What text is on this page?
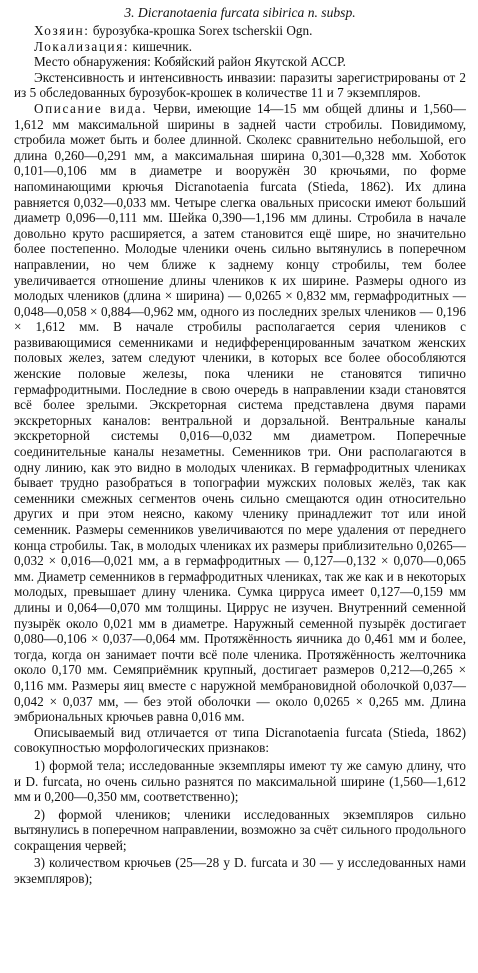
3. Dicranotaenia furcata sibirica n. subsp.

Хозяин: бурозубка-крошка Sorex tscherskii Ogn.

Локализация: кишечник.

Место обнаружения: Кобяйский район Якутской АССР.

Экстенсивность и интенсивность инвазии: паразиты зарегистрированы от 2 из 5 обследованных бурозубок-крошек в количестве 11 и 7 экземпляров.

Описание вида. Черви, имеющие 14—15 мм общей длины и 1,560—1,612 мм максимальной ширины в задней части стробилы. Повидимому, стробила может быть и более длинной. Сколекс сравнительно небольшой, его длина 0,260—0,291 мм, а максимальная ширина 0,301—0,328 мм. Хоботок 0,101—0,106 мм в диаметре и вооружён 30 крючьями, по форме напоминающими крючья Dicranotaenia furcata (Stieda, 1862). Их длина равняется 0,032—0,033 мм. Четыре слегка овальных присоски имеют больший диаметр 0,096—0,111 мм. Шейка 0,390—1,196 мм длины. Стробила в начале довольно круто расширяется, а затем становится ещё шире, но значительно более постепенно. Молодые членики очень сильно вытянулись в поперечном направлении, но чем ближе к заднему концу стробилы, тем более увеличивается отношение длины члеников к их ширине. Размеры одного из молодых члеников (длина × ширина) — 0,0265 × 0,832 мм, гермафродитных — 0,048—0,058 × 0,884—0,962 мм, одного из последних зрелых члеников — 0,196 × 1,612 мм. В начале стробилы располагается серия члеников с развивающимися семенниками и недифференцированным зачатком женских половых желез, затем следуют членики, в которых все более обособляются женские половые железы, пока членики не становятся типично гермафродитными. Последние в свою очередь в направлении кзади становятся всё более зрелыми. Экскреторная система представлена двумя парами экскреторных каналов: вентральной и дорзальной. Вентральные каналы экскреторной системы 0,016—0,032 мм диаметром. Поперечные соединительные каналы незаметны. Семенников три. Они располагаются в одну линию, как это видно в молодых члениках. В гермафродитных члениках бывает трудно разобраться в топографии мужских половых желёз, так как семенники смежных сегментов очень сильно смещаются один относительно других и при этом неясно, какому членику принадлежит тот или иной семенник. Размеры семенников увеличиваются по мере удаления от переднего конца стробилы. Так, в молодых члениках их размеры приблизительно 0,0265—0,032 × 0,016—0,021 мм, а в гермафродитных — 0,127—0,132 × 0,070—0,065 мм. Диаметр семенников в гермафродитных члениках, так же как и в некоторых молодых, превышает длину членика. Сумка цирруса имеет 0,127—0,159 мм длины и 0,064—0,070 мм толщины. Циррус не изучен. Внутренний семенной пузырёк около 0,021 мм в диаметре. Наружный семенной пузырёк достигает 0,080—0,106 × 0,037—0,064 мм. Протяжённость яичника до 0,461 мм и более, тогда, когда он занимает почти всё поле членика. Протяжённость желточника около 0,170 мм. Семяприёмник крупный, достигает размеров 0,212—0,265 × 0,116 мм. Размеры яиц вместе с наружной мембрановидной оболочкой 0,037—0,042 × 0,037 мм, — без этой оболочки — около 0,0265 × 0,265 мм. Длина эмбриональных крючьев равна 0,016 мм.

Описываемый вид отличается от типа Dicranotaenia furcata (Stieda, 1862) совокупностью морфологических признаков:

1) формой тела; исследованные экземпляры имеют ту же самую длину, что и D. furcata, но очень сильно разнятся по максимальной ширине (1,560—1,612 мм и 0,200—0,350 мм, соответственно);

2) формой члеников; членики исследованных экземпляров сильно вытянулись в поперечном направлении, возможно за счёт сильного продольного сокращения червей;

3) количеством крючьев (25—28 у D. furcata и 30 — у исследованных нами экземпляров);
